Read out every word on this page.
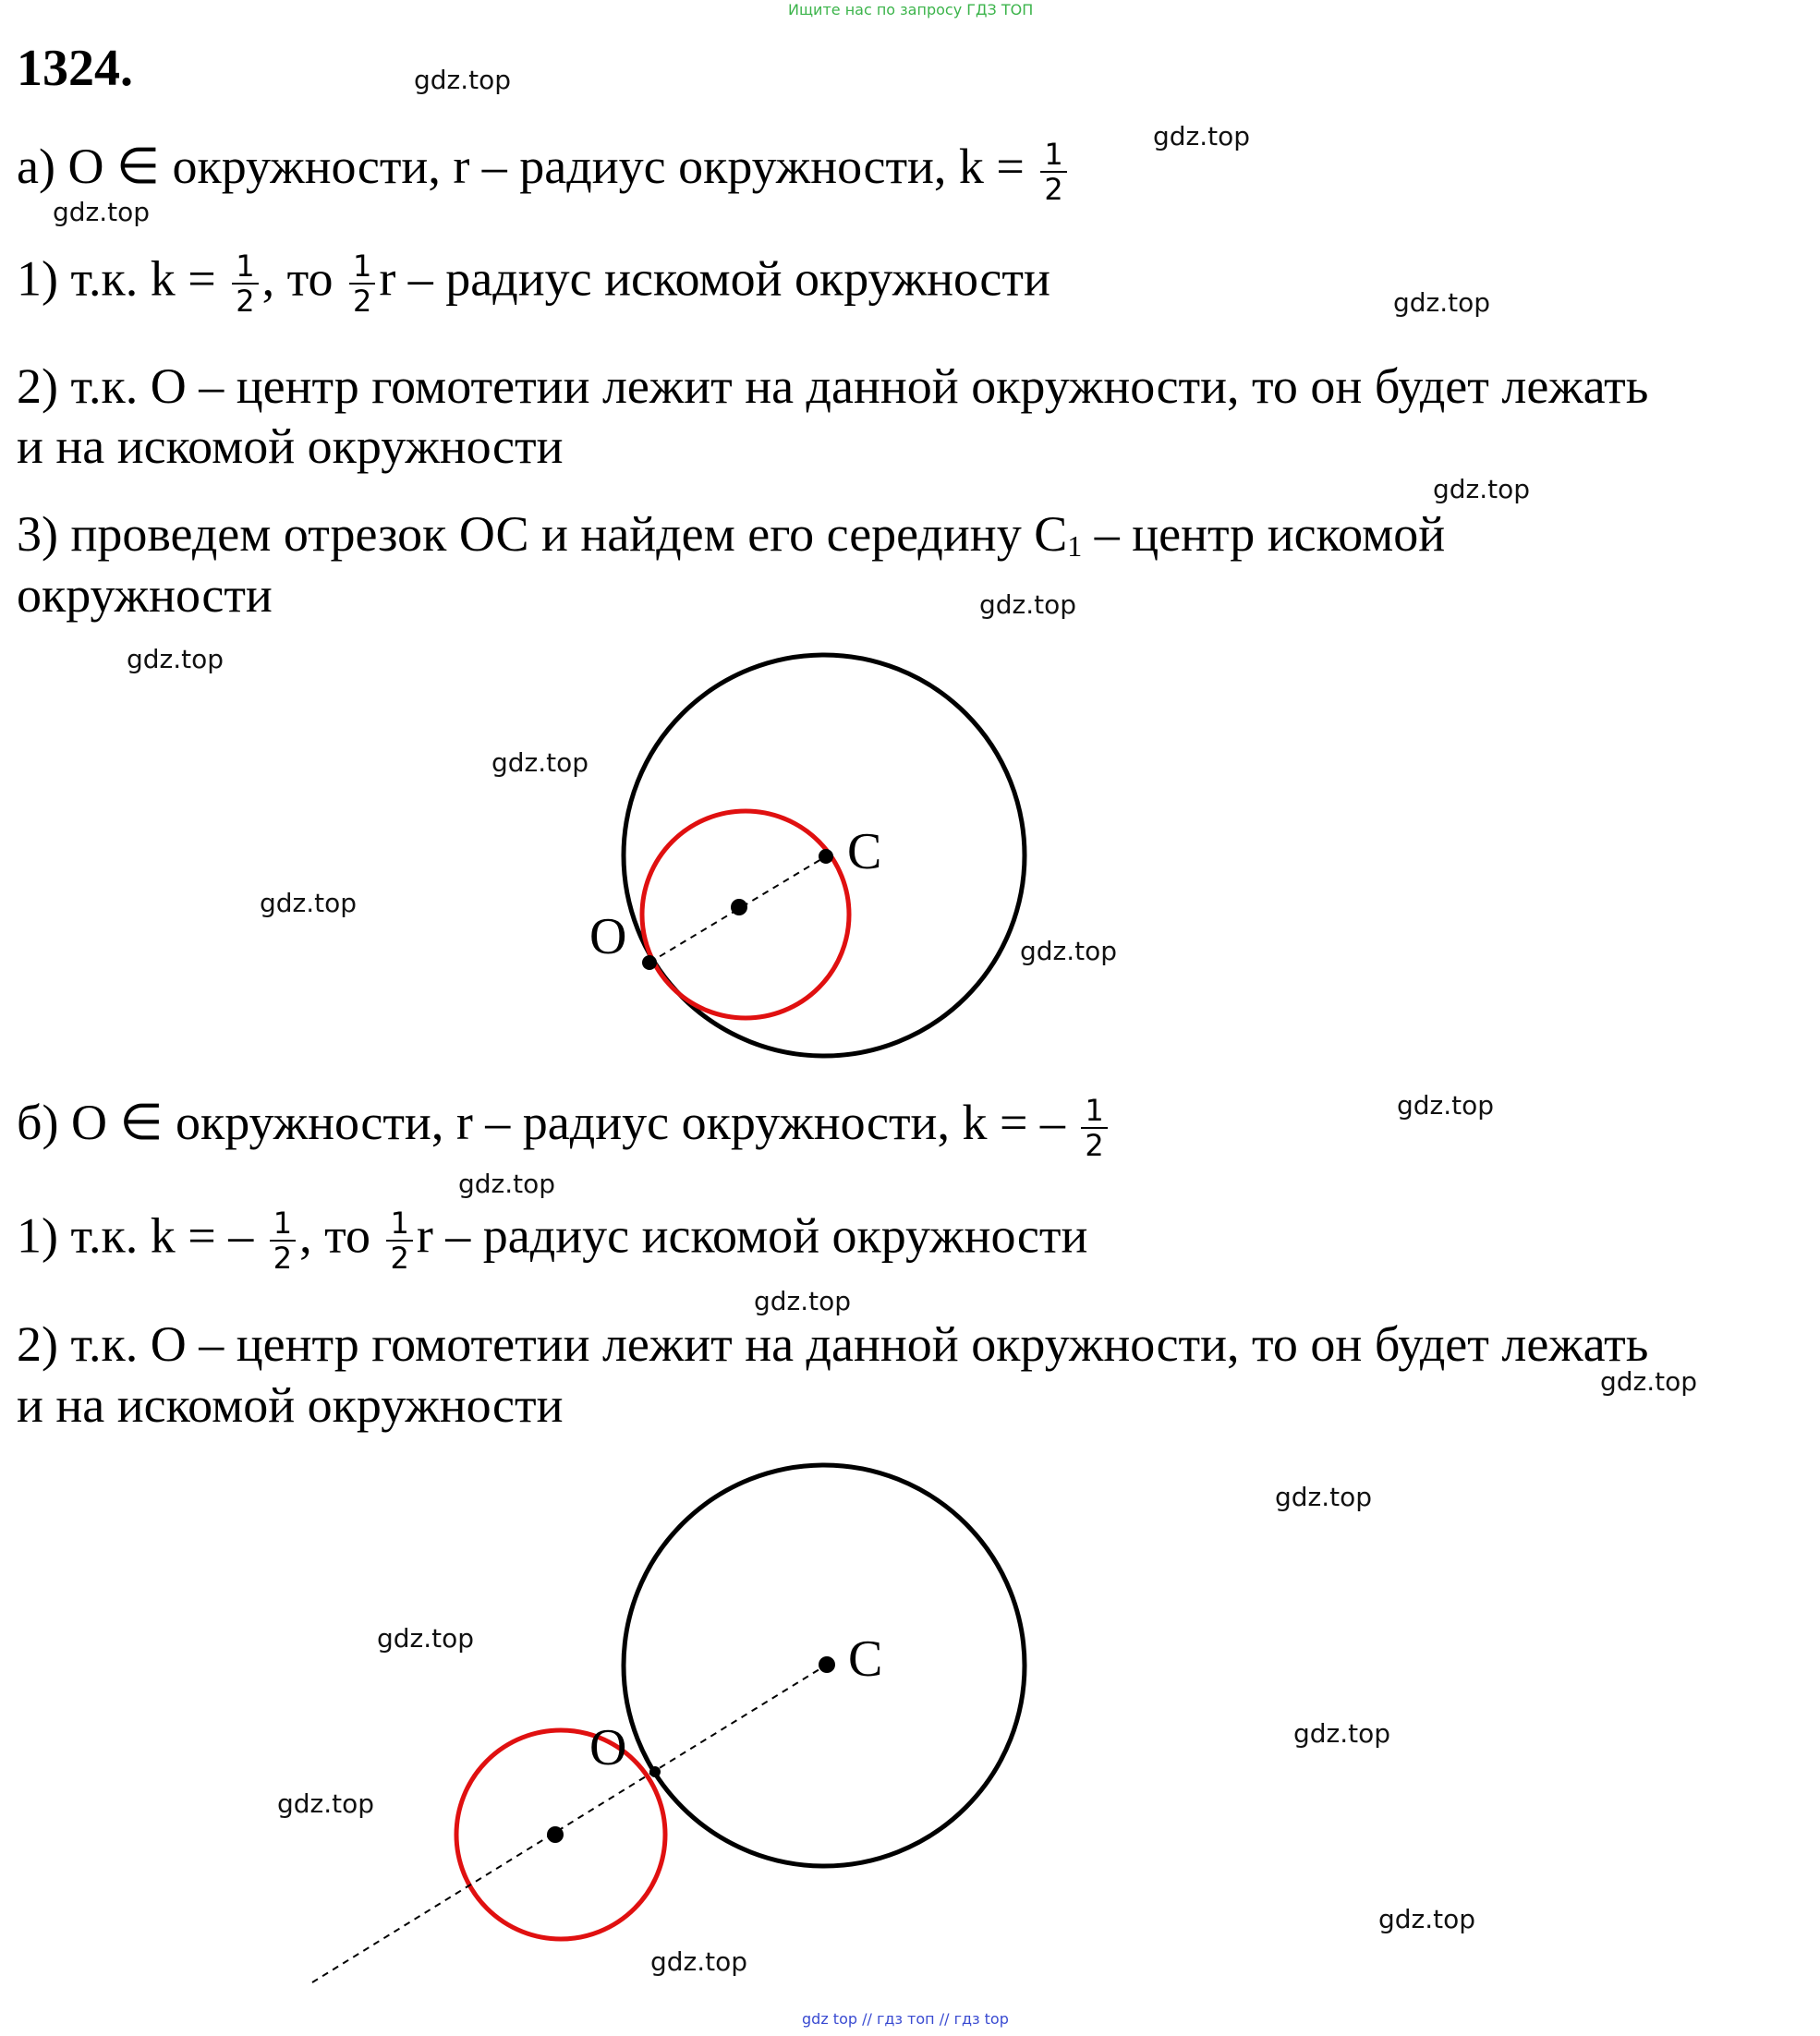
Ищите нас по запросу ГДЗ ТОП
1324.
а) О ∈ окружности, r – радиус окружности, $k = \frac{1}{2}$
1) т.к. $k = \frac{1}{2}$ , то $\frac{1}{2}$ r – радиус искомой окружности
2) т.к. О – центр гомотетии лежит на данной окружности, то он будет лежать
и на искомой окружности
3) проведем отрезок ОС и найдем его середину С1 – центр искомой
окружности
C
O
б) О ∈ окружности, r – радиус окружности, k = – $\frac{1}{2}$
1) т.к. k = – $\frac{1}{2}$ , то $\frac{1}{2}$ r – радиус искомой окружности
2) т.к. О – центр гомотетии лежит на данной окружности, то он будет лежать
и на искомой окружности
C
O
gdz.top
gdz.top
gdz.top
gdz.top
gdz.top
gdz.top
gdz.top
gdz.top
gdz.top
gdz.top
gdz.top
gdz.top
gdz.top
gdz.top
gdz.top
gdz.top
gdz.top
gdz.top
gdz.top
gdz.top
gdz top // гдз топ // гдз top
